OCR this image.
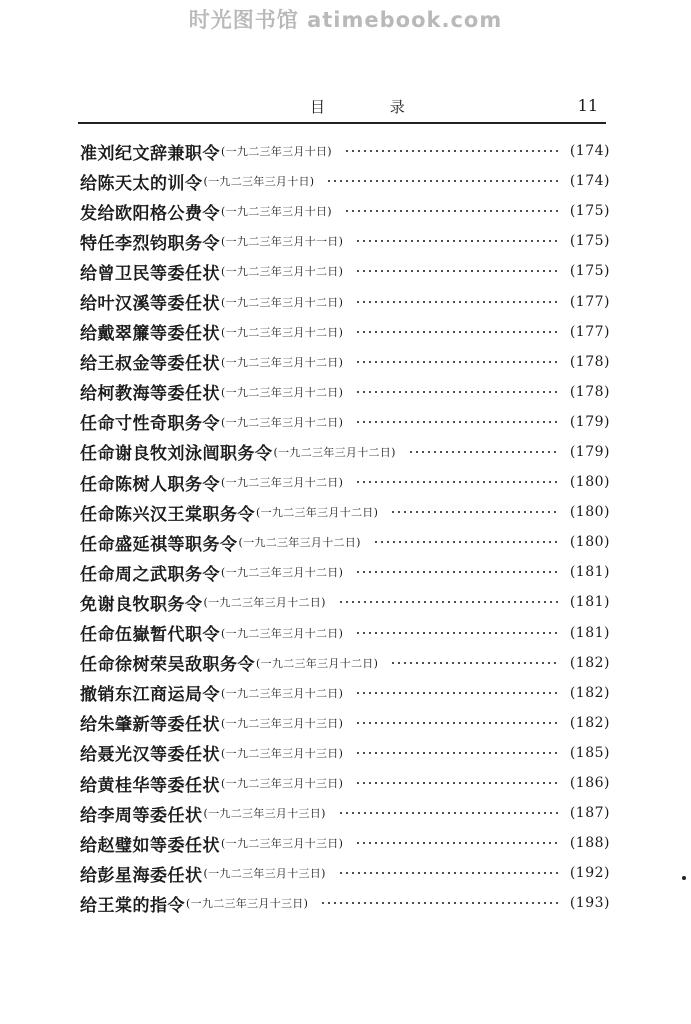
时光图书馆 atimebook.com
目 录	11
准刘纪文辞兼职令 (一九二三年三月十日)	(174)
给陈天太的训令 (一九二三年三月十日)	(174)
发给欧阳格公费令 (一九二三年三月十日)	(175)
特任李烈钧职务令 (一九二三年三月十一日)	(175)
给曾卫民等委任状 (一九二三年三月十二日)	(175)
给叶汉溪等委任状 (一九二三年三月十二日)	(177)
给戴翠簾等委任状 (一九二三年三月十二日)	(177)
给王叔金等委任状 (一九二三年三月十二日)	(178)
给柯教海等委任状 (一九二三年三月十二日)	(178)
任命寸性奇职务令 (一九二三年三月十二日)	(179)
任命谢良牧刘泳闿职务令 (一九二三年三月十二日)	(179)
任命陈树人职务令 (一九二三年三月十二日)	(180)
任命陈兴汉王棠职务令 (一九二三年三月十二日)	(180)
任命盛延祺等职务令 (一九二三年三月十二日)	(180)
任命周之武职务令 (一九二三年三月十二日)	(181)
免谢良牧职务令 (一九二三年三月十二日)	(181)
任命伍嶽暂代职令 (一九二三年三月十二日)	(181)
任命徐树荣吴敌职务令 (一九二三年三月十二日)	(182)
撤销东江商运局令 (一九二三年三月十二日)	(182)
给朱肇新等委任状 (一九二三年三月十三日)	(182)
给聂光汉等委任状 (一九二三年三月十三日)	(185)
给黄桂华等委任状 (一九二三年三月十三日)	(186)
给李周等委任状 (一九二三年三月十三日)	(187)
给赵璧如等委任状 (一九二三年三月十三日)	(188)
给彭星海委任状 (一九二三年三月十三日)	(192)
给王棠的指令 (一九二三年三月十三日)	(193)
